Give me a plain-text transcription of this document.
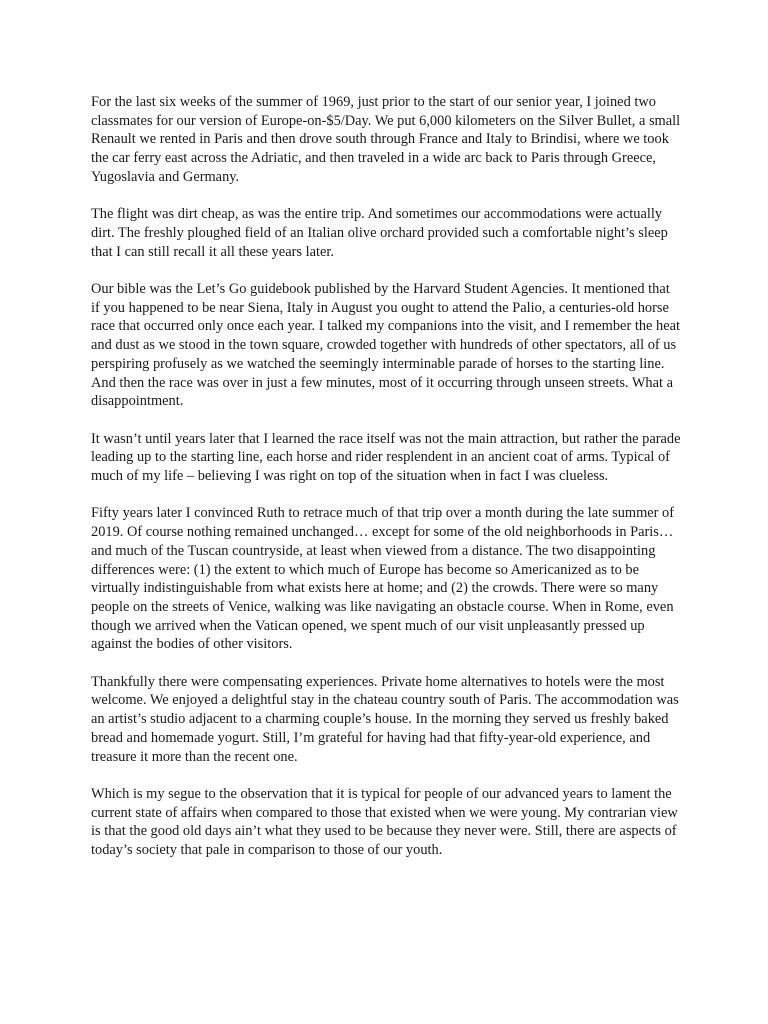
For the last six weeks of the summer of 1969, just prior to the start of our senior year, I joined two classmates for our version of Europe-on-$5/Day. We put 6,000 kilometers on the Silver Bullet, a small Renault we rented in Paris and then drove south through France and Italy to Brindisi, where we took the car ferry east across the Adriatic, and then traveled in a wide arc back to Paris through Greece, Yugoslavia and Germany.

The flight was dirt cheap, as was the entire trip. And sometimes our accommodations were actually dirt. The freshly ploughed field of an Italian olive orchard provided such a comfortable night’s sleep that I can still recall it all these years later.

Our bible was the Let’s Go guidebook published by the Harvard Student Agencies. It mentioned that if you happened to be near Siena, Italy in August you ought to attend the Palio, a centuries-old horse race that occurred only once each year. I talked my companions into the visit, and I remember the heat and dust as we stood in the town square, crowded together with hundreds of other spectators, all of us perspiring profusely as we watched the seemingly interminable parade of horses to the starting line. And then the race was over in just a few minutes, most of it occurring through unseen streets. What a disappointment.

It wasn’t until years later that I learned the race itself was not the main attraction, but rather the parade leading up to the starting line, each horse and rider resplendent in an ancient coat of arms. Typical of much of my life – believing I was right on top of the situation when in fact I was clueless.

Fifty years later I convinced Ruth to retrace much of that trip over a month during the late summer of 2019. Of course nothing remained unchanged… except for some of the old neighborhoods in Paris… and much of the Tuscan countryside, at least when viewed from a distance. The two disappointing differences were: (1) the extent to which much of Europe has become so Americanized as to be virtually indistinguishable from what exists here at home; and (2) the crowds. There were so many people on the streets of Venice, walking was like navigating an obstacle course. When in Rome, even though we arrived when the Vatican opened, we spent much of our visit unpleasantly pressed up against the bodies of other visitors.

Thankfully there were compensating experiences. Private home alternatives to hotels were the most welcome. We enjoyed a delightful stay in the chateau country south of Paris. The accommodation was an artist’s studio adjacent to a charming couple’s house. In the morning they served us freshly baked bread and homemade yogurt. Still, I’m grateful for having had that fifty-year-old experience, and treasure it more than the recent one.

Which is my segue to the observation that it is typical for people of our advanced years to lament the current state of affairs when compared to those that existed when we were young. My contrarian view is that the good old days ain’t what they used to be because they never were. Still, there are aspects of today’s society that pale in comparison to those of our youth.
